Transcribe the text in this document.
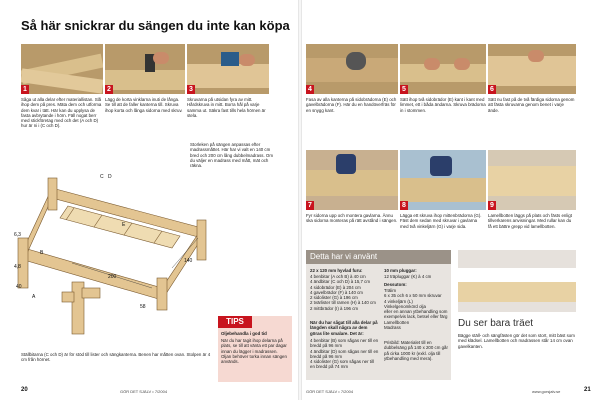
Så här snickrar du sängen du inte kan köpa
1	2	3
Såga ut alla delar efter materiallistan. Slå ihop dem på pres. Mäta dem och utforma dem kvar i tätt. Här kan du upplysa de fasta avbrytande i hörn. Fäll nogat berr med stickföretag med och det (A och D) hur är ni i (C och D).
Lägg de korta vinklarna inuti de långa. Se till att de faller kanterna till. Skruva ihop korta och långa sidorna med skruv.
Skruvarna på utsidan fyra av mitt. Hårdskruva in mitt. Borra hål på varje samma ut. Säkra fast tills hela hörnen är stela.
Storleken på sängen anpassas efter madrassmåttet. Här har vi valt en 140 cm bred och 200 cm lång dubbelmadrass. Om du väljer en madrass med mått, mät och räkna.
A
B
C D
E
200
140
58
6,3
4,8
40
Ställbitarna (C och D) är för stöd till lister och sängkanterna. Benen har måtten ovan. Stolpen är 4 cm från hörnet.
TIPS
Oljebehandla i god tid
När du har tagit ihop delarna på plats, se till att vänta ett par dagar innan du lägger i madrassen. Oljan behöver torka innan sängen används.
20	GÖR DET SJÄLV • 7/2004
4	5	6
Fasa av alla kanterna på sidobrädorna (E) och gavelbrädorna (F). Här du en handöverfräs för en snygg kant.
Sätt ihop två sidobrädor (E) kant i kant med limmet, ett i båda ändarna. Skruva brädorna in i stommen.
Sätt nu fast på de två färdiga sidorna genom att fästa skruvarna genom benet i varje ände.
7	8	9
Fyr sidorna upp och montera gavlarna. Ännu ska sidorna monteras på rätt avstånd i sängen.
Lägga ett skruva ihop mittenbrädorna (G). Fäst dem sedan med skruvar i gavlarna med två vinkeljärn (G) i varje sida.
Lamellbotten läggs på plats och fästs enligt tillverkarens anvisningar. Med rullar kan du få ett bättre grepp vid lamellbotten.
Detta har vi använt
22 x 120 mm hyvlad furu:
4 benbitar (A och B) à 40 cm
4 ändbitar (C och D) à 15,7 cm
4 sidobrädor (E) à 204 cm
4 gavelbrädor (F) à 140 cm
2 sidolister (G) à 196 cm
2 tvärlister till ramen (H) à 140 cm
2 mittbrädor (I) à 196 cm
När du har sågat till alla delar på längden skall några av dem göras lite smalare. Det är:
4 benbitar (B) som sågas ner till en bredd på 96 mm
4 ändbitar (D) som sågas ner till en bredd på 96 mm
4 sidolister (G) som sågas ner till en bredd på 74 mm
10 mm pluggar:
12 träpluggar (K) à 4 cm
Dessutom:
Trälim
6 x 35 och 6 x 50 mm skruvar
4 vinkeljärn (L)
Vinkelgenomkörd olja
eller en annan ytbehandling som exempelvis lack, betsel eller färg
Lamellbotten
Madrass
Prisbild: Materialet till en dubbelsäng på 140 x 200 cm går på cirka 1000 kr (exkl. olja till ytbehandling med mera).
Du ser bara träet
Bägge ställ- och sängfästen gör det som stort, mitt bäst som med klädsel. Lamellbotten och madrassen står 14 cm ovan gavelkanten.
GÖR DET SJÄLV • 7/2004	www.gorsjalv.se	21
